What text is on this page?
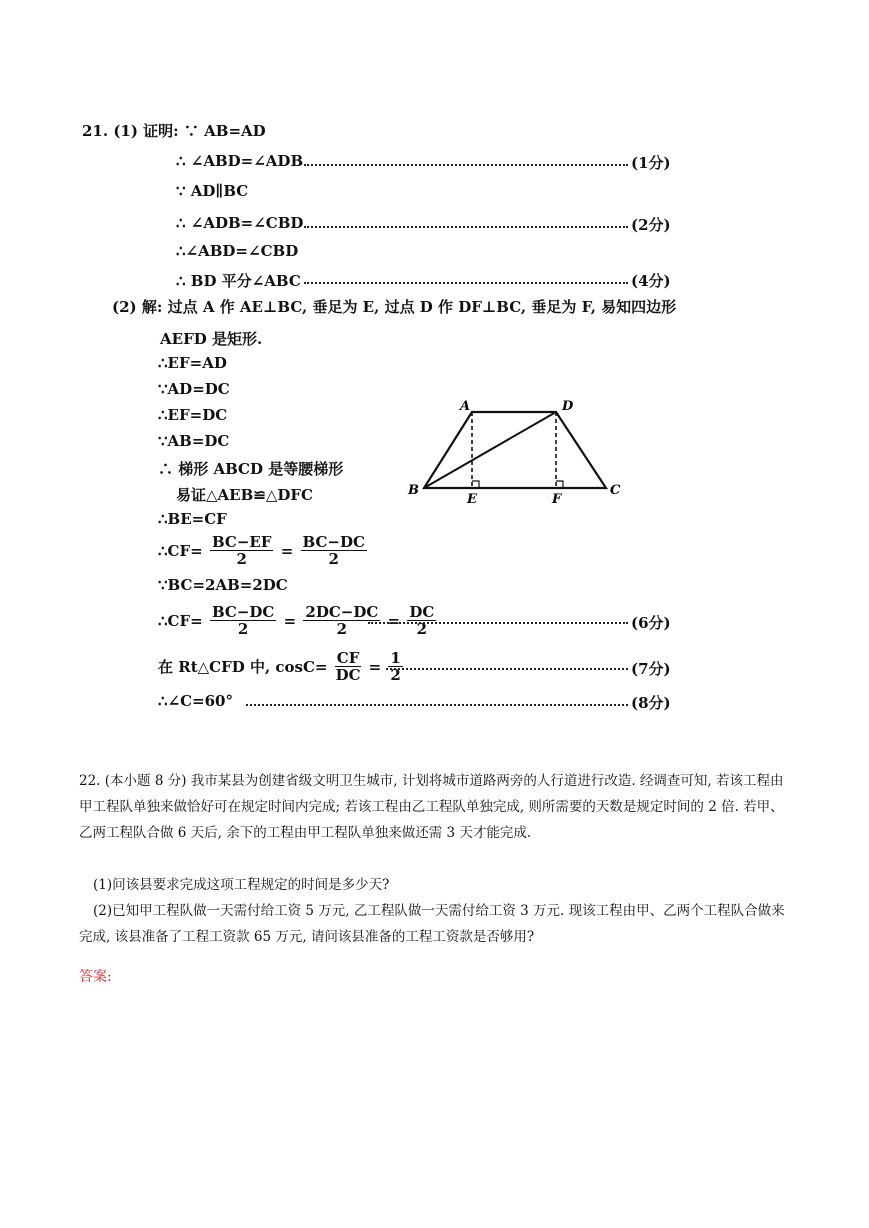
21. (1) 证明: ∵ AB=AD
∴ ∠ABD=∠ADB	(1分)
∵ AD∥BC
∴ ∠ADB=∠CBD	(2分)
∴∠ABD=∠CBD
∴ BD 平分∠ABC	(4分)
(2) 解: 过点 A 作 AE⊥BC, 垂足为 E, 过点 D 作 DF⊥BC, 垂足为 F, 易知四边形
AEFD 是矩形.
∴EF=AD
∵AD=DC
∴EF=DC
∵AB=DC
∴ 梯形 ABCD 是等腰梯形
易证△AEB≌△DFC
∴BE=CF
∴CF= $\frac{BC-EF}{2} = \frac{BC-DC}{2}$
∵BC=2AB=2DC
∴CF= $\frac{BC-DC}{2} = \frac{2DC-DC}{2} = \frac{DC}{2}$	(6分)
在 Rt△CFD 中, $\cos C= \frac{CF}{DC} = \frac{1}{2}$	(7分)
∴∠C=60°	(8分)
A	D
B
E	F
C
22. (本小题 8 分) 我市某县为创建省级文明卫生城市, 计划将城市道路两旁的人行道进行改造. 经调查可知, 若该工程由甲工程队单独来做恰好可在规定时间内完成; 若该工程由乙工程队单独完成, 则所需要的天数是规定时间的 2 倍. 若甲、乙两工程队合做 6 天后, 余下的工程由甲工程队单独来做还需 3 天才能完成.
(1)问该县要求完成这项工程规定的时间是多少天?
(2)已知甲工程队做一天需付给工资 5 万元, 乙工程队做一天需付给工资 3 万元. 现该工程由甲、乙两个工程队合做来完成, 该县准备了工程工资款 65 万元, 请问该县准备的工程工资款是否够用?
答案:
